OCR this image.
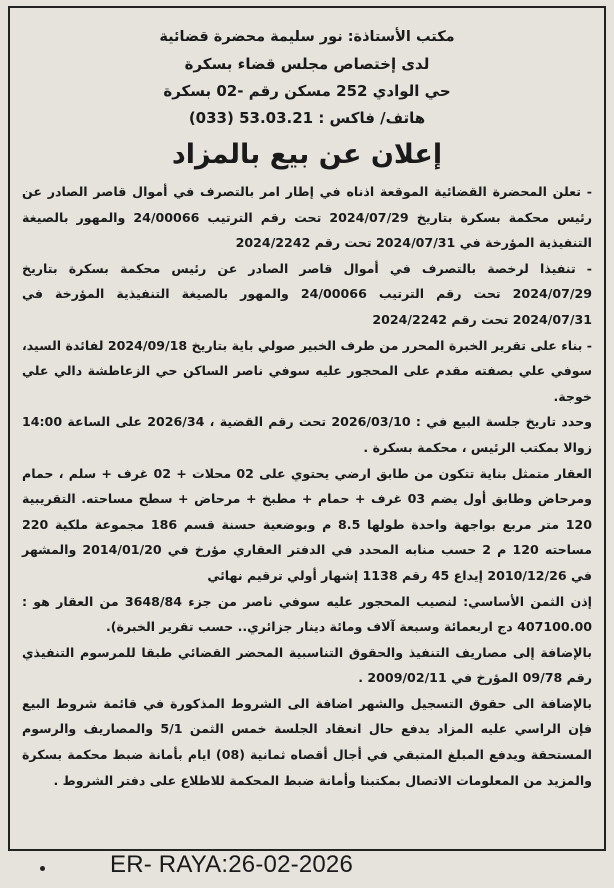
مكتب الأستاذة: نور سليمة محضرة قضائية
لدى إختصاص مجلس قضاء بسكرة
حي الوادي 252 مسكن رقم -02 بسكرة
هاتف/ فاكس : (033) 53.03.21
إعلان عن بيع بالمزاد

- تعلن المحضرة القضائية الموقعة اذناه في إطار امر بالتصرف في أموال قاصر الصادر عن رئيس محكمة بسكرة بتاريخ 2024/07/29 تحت رقم الترتيب 24/00066 والمهور بالصيغة التنفيذية المؤرخة في 2024/07/31 تحت رقم 2024/2242

- تنفيذا لرخصة بالتصرف في أموال قاصر الصادر عن رئيس محكمة بسكرة بتاريخ 2024/07/29 تحت رقم الترتيب 24/00066 والمهور بالصيغة التنفيذية المؤرخة في 2024/07/31 تحت رقم 2024/2242

- بناء على تقرير الخبرة المحرر من طرف الخبير صولي باية بتاريخ 2024/09/18 لفائدة السيد، سوفي علي بصفته مقدم على المحجور عليه سوفي ناصر الساكن حي الزعاطشة دالي علي خوجة.

وحدد تاريخ جلسة البيع في : 2026/03/10 تحت رقم القضية ، 2026/34 على الساعة 14:00 زوالا بمكتب الرئيس ، محكمة بسكرة .

العقار متمثل بناية تتكون من طابق ارضي يحتوي على 02 محلات + 02 غرف + سلم ، حمام ومرحاض وطابق أول يضم 03 غرف + حمام + مطبخ + مرحاض + سطح مساحته. التقريبية 120 متر مربع بواجهة واحدة طولها 8.5 م وبوضعية حسنة قسم 186 مجموعة ملكية 220 مساحته 120 م 2 حسب منابه المحدد في الدفتر العقاري مؤرخ في 2014/01/20 والمشهر في 2010/12/26 إيداع 45 رقم 1138 إشهار أولي ترقيم نهائي

إذن الثمن الأساسي: لنصيب المحجور عليه سوفي ناصر من جزء 3648/84 من العقار هو : 407100.00 دج اربعمائة وسبعة آلاف ومائة دينار جزائري.. حسب تقرير الخبرة).

بالإضافة إلى مصاريف التنفيذ والحقوق التناسبية المحضر القضائي طبقا للمرسوم التنفيذي رقم 09/78 المؤرخ في 2009/02/11 .

بالإضافة الى حقوق التسجيل والشهر اضافة الى الشروط المذكورة في قائمة شروط البيع فإن الراسي عليه المزاد يدفع حال انعقاد الجلسة خمس الثمن 5/1 والمصاريف والرسوم المستحقة ويدفع المبلغ المتبقي في أجال أقصاه ثمانية (08) ايام بأمانة ضبط محكمة بسكرة والمزيد من المعلومات الاتصال بمكتبنا وأمانة ضبط المحكمة للاطلاع على دفتر الشروط .

ER- RAYA:26-02-2026
